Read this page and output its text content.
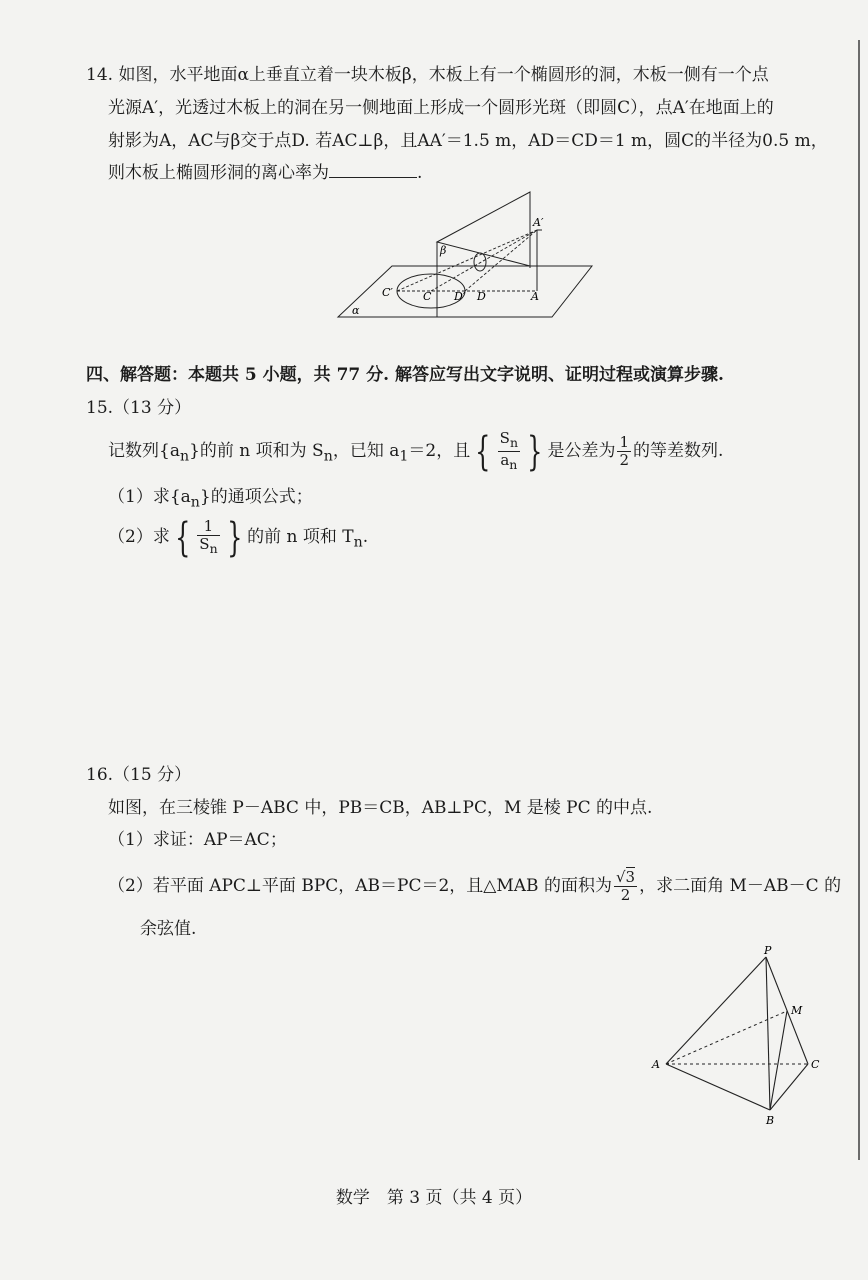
14. 如图，水平地面α上垂直立着一块木板β，木板上有一个椭圆形的洞，木板一侧有一个点
光源A′，光透过木板上的洞在另一侧地面上形成一个圆形光斑（即圆C），点A′在地面上的
射影为A，AC与β交于点D. 若AC⊥β，且AA′＝1.5 m，AD＝CD＝1 m，圆C的半径为0.5 m，
则木板上椭圆形洞的离心率为	.
β
α
A′
C′	C D′ D	A
四、解答题：本题共 5 小题，共 77 分. 解答应写出文字说明、证明过程或演算步骤.
15.（13 分）
记数列$\{a_n\}$的前 n 项和为 $S_n$，已知 $a_1=2$，且 { $\frac{S_n}{a_n}$ } 是公差为 $\frac{1}{2}$ 的等差数列.
（1）求$\{a_n\}$的通项公式；
（2）求 { $\frac{1}{S_n}$ } 的前 n 项和 $T_n$.
16.（15 分）
如图，在三棱锥 P－ABC 中，PB＝CB，AB⊥PC，M 是棱 PC 的中点.
（1）求证：AP＝AC；
（2）若平面 APC⊥平面 BPC，AB＝PC＝2，且△MAB 的面积为 $\frac{√3}{2}$ ，求二面角 M－AB－C 的
余弦值.
P
M
A	C
B
数学　第 3 页（共 4 页）
